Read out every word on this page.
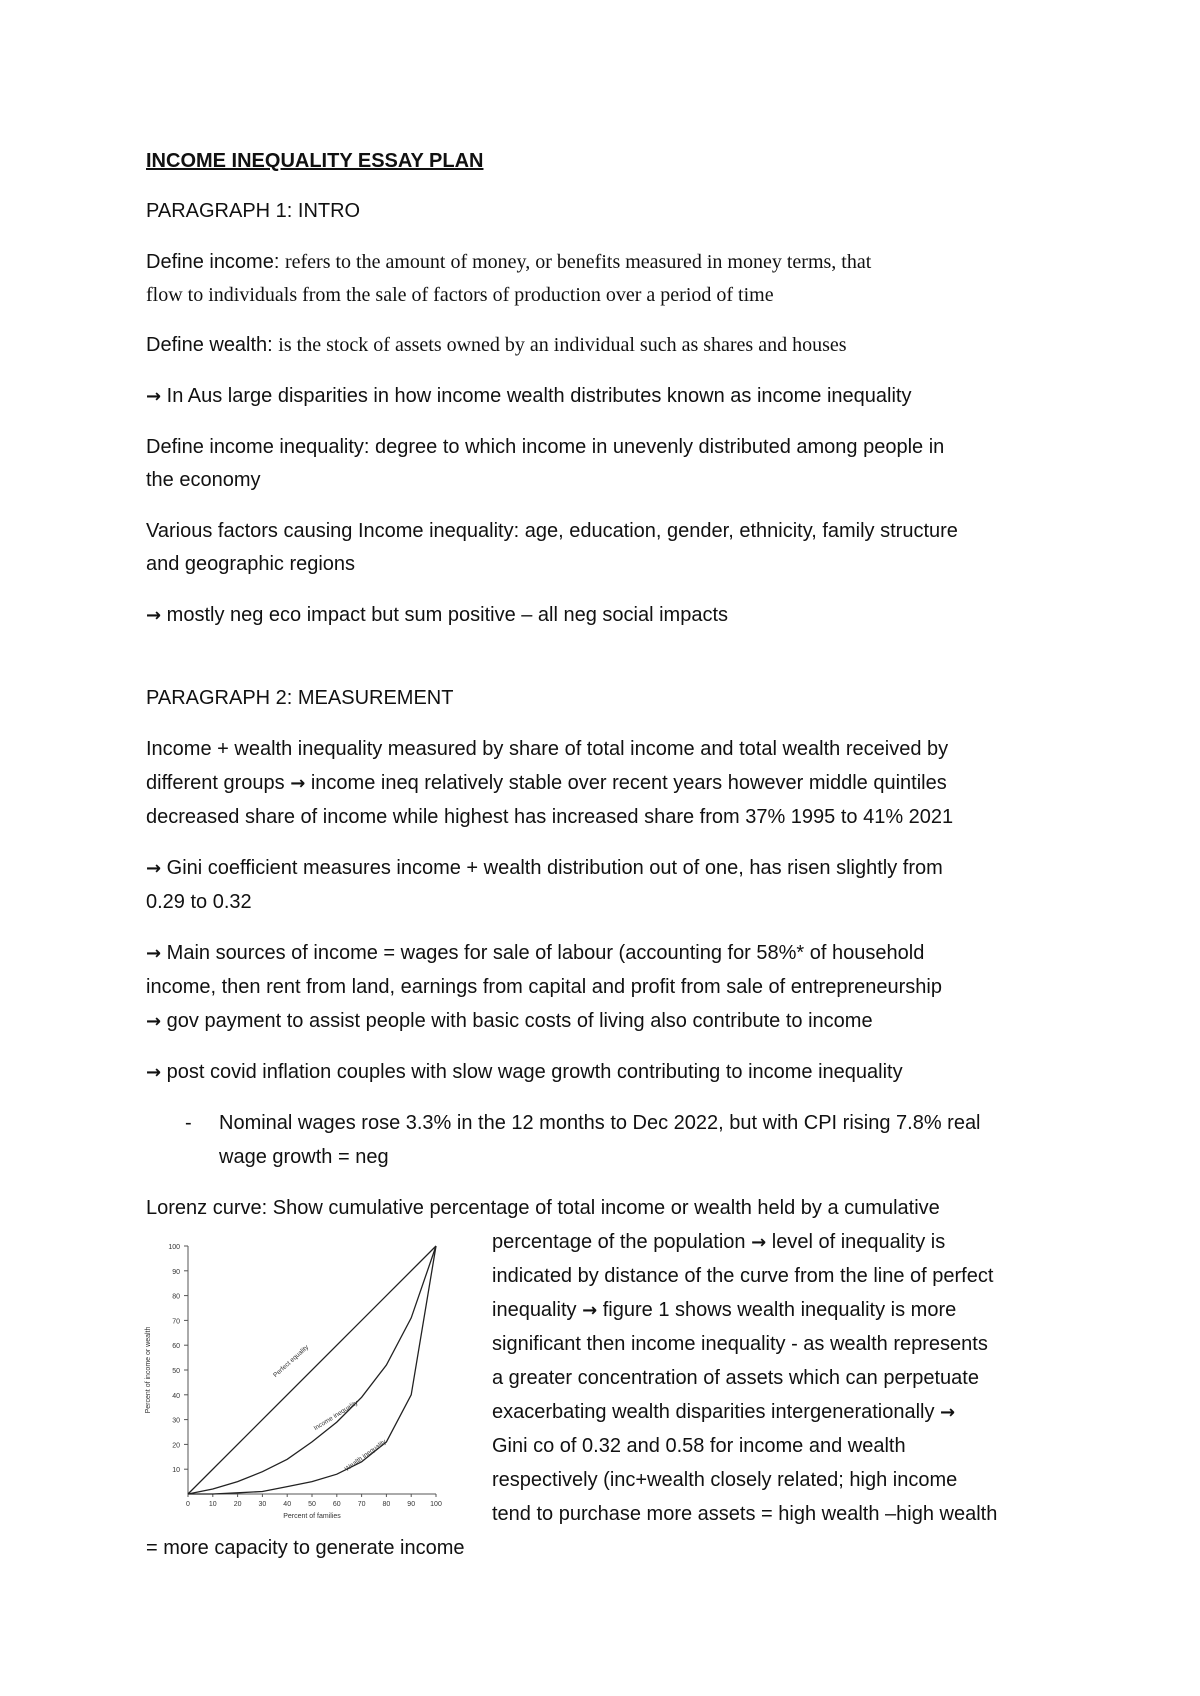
INCOME INEQUALITY ESSAY PLAN
PARAGRAPH 1: INTRO
Define income: refers to the amount of money, or benefits measured in money terms, that
flow to individuals from the sale of factors of production over a period of time
Define wealth: is the stock of assets owned by an individual such as shares and houses
→ In Aus large disparities in how income wealth distributes known as income inequality
Define income inequality: degree to which income in unevenly distributed among people in
the economy
Various factors causing Income inequality: age, education, gender, ethnicity, family structure
and geographic regions
→ mostly neg eco impact but sum positive – all neg social impacts
PARAGRAPH 2: MEASUREMENT
Income + wealth inequality measured by share of total income and total wealth received by
different groups → income ineq relatively stable over recent years however middle quintiles
decreased share of income while highest has increased share from 37% 1995 to 41% 2021
→ Gini coefficient measures income + wealth distribution out of one, has risen slightly from
0.29 to 0.32
→ Main sources of income = wages for sale of labour (accounting for 58%* of household
income, then rent from land, earnings from capital and profit from sale of entrepreneurship
→ gov payment to assist people with basic costs of living also contribute to income
→ post covid inflation couples with slow wage growth contributing to income inequality
- Nominal wages rose 3.3% in the 12 months to Dec 2022, but with CPI rising 7.8% real
wage growth = neg
Lorenz curve: Show cumulative percentage of total income or wealth held by a cumulative
percentage of the population → level of inequality is
indicated by distance of the curve from the line of perfect
inequality → figure 1 shows wealth inequality is more
significant then income inequality - as wealth represents
a greater concentration of assets which can perpetuate
exacerbating wealth disparities intergenerationally →
Gini co of 0.32 and 0.58 for income and wealth
respectively (inc+wealth closely related; high income
tend to purchase more assets = high wealth –high wealth
= more capacity to generate income
10
20
30
40
50
60
70
80
90
100
0	10 20 30 40 50 60 70 80 90 100
Percent of families
Percent of income or wealth	Perfect equality
Income inequality
Wealth inequality
